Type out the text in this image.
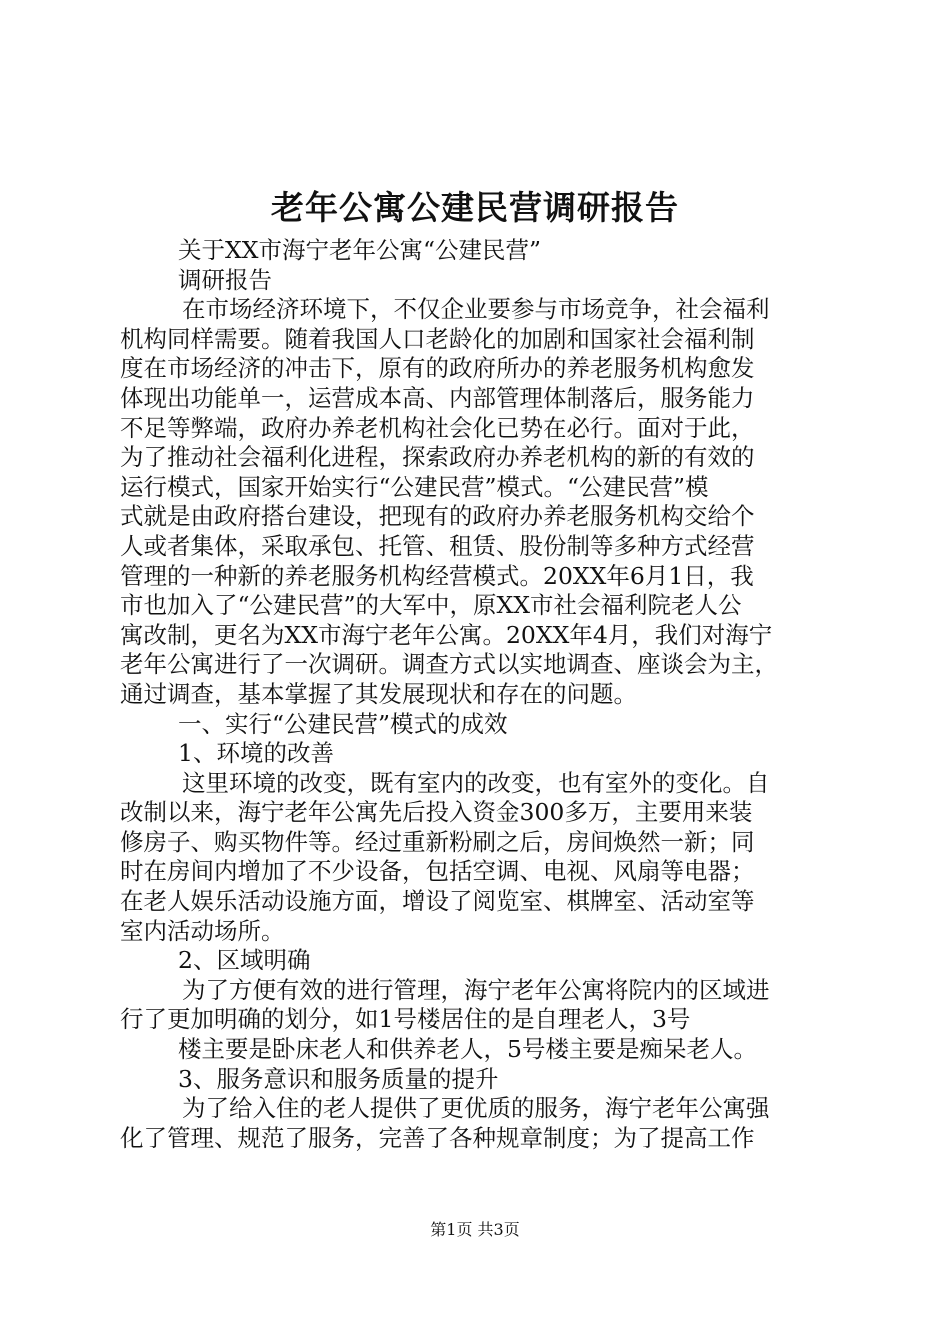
老年公寓公建民营调研报告
关于XX市海宁老年公寓“公建民营”
调研报告
在市场经济环境下，不仅企业要参与市场竞争，社会福利
机构同样需要。随着我国人口老龄化的加剧和国家社会福利制
度在市场经济的冲击下，原有的政府所办的养老服务机构愈发
体现出功能单一，运营成本高、内部管理体制落后，服务能力
不足等弊端，政府办养老机构社会化已势在必行。面对于此，
为了推动社会福利化进程，探索政府办养老机构的新的有效的
运行模式，国家开始实行“公建民营”模式。“公建民营”模
式就是由政府搭台建设，把现有的政府办养老服务机构交给个
人或者集体，采取承包、托管、租赁、股份制等多种方式经营
管理的一种新的养老服务机构经营模式。20XX年6月1日，我
市也加入了“公建民营”的大军中，原XX市社会福利院老人公
寓改制，更名为XX市海宁老年公寓。20XX年4月，我们对海宁
老年公寓进行了一次调研。调查方式以实地调查、座谈会为主，
通过调查，基本掌握了其发展现状和存在的问题。
一、实行“公建民营”模式的成效
1、环境的改善
这里环境的改变，既有室内的改变，也有室外的变化。自
改制以来，海宁老年公寓先后投入资金300多万，主要用来装
修房子、购买物件等。经过重新粉刷之后，房间焕然一新；同
时在房间内增加了不少设备，包括空调、电视、风扇等电器；
在老人娱乐活动设施方面，增设了阅览室、棋牌室、活动室等
室内活动场所。
2、区域明确
为了方便有效的进行管理，海宁老年公寓将院内的区域进
行了更加明确的划分，如1号楼居住的是自理老人，3号
楼主要是卧床老人和供养老人，5号楼主要是痴呆老人。
3、服务意识和服务质量的提升
为了给入住的老人提供了更优质的服务，海宁老年公寓强
化了管理、规范了服务，完善了各种规章制度；为了提高工作
第1页 共3页
